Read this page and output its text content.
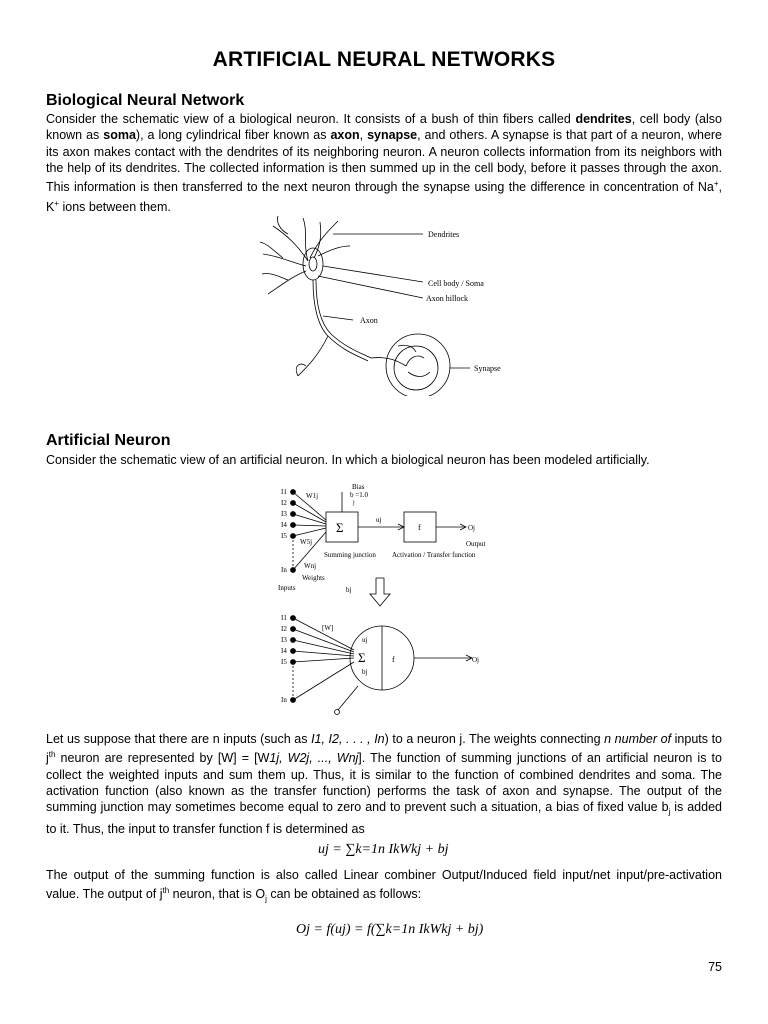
ARTIFICIAL NEURAL NETWORKS
Biological Neural Network

Consider the schematic view of a biological neuron. It consists of a bush of thin fibers called dendrites, cell body (also known as soma), a long cylindrical fiber known as axon, synapse, and others. A synapse is that part of a neuron, where its axon makes contact with the dendrites of its neighboring neuron. A neuron collects information from its neighbors with the help of its dendrites. The collected information is then summed up in the cell body, before it passes through the axon. This information is then transferred to the next neuron through the synapse using the difference in concentration of Na+, K+ ions between them.

Dendrites
Cell body / Soma
Axon hillock
Axon
Synapse
Artificial Neuron

Consider the schematic view of an artificial neuron. In which a biological neuron has been modeled artificially.

Bias
b =1.0
j
I1
I2
I3
I4
I5
In
W1j
W5j
Wnj
Σ	uj
f	Oj
Output
Summing junction Activation / Transfer function
Weights
Inputs	bj
I1
I2
I3
I4
I5
In
[W]
uj
Σ
bj
f	Oj

Let us suppose that there are n inputs (such as I1, I2, . . . , In) to a neuron j. The weights connecting n number of inputs to $j^{th}$ neuron are represented by [W] = [W1j, W2j, ..., Wnj]. The function of summing junctions of an artificial neuron is to collect the weighted inputs and sum them up. Thus, it is similar to the function of combined dendrites and soma. The activation function (also known as the transfer function) performs the task of axon and synapse. The output of the summing junction may sometimes become equal to zero and to prevent such a situation, a bias of fixed value $b_j$ is added to it. Thus, the input to transfer function f is determined as

uj = ∑k=1n IkWkj + bj

The output of the summing function is also called Linear combiner Output/Induced field input/net input/pre-activation value. The output of $j^{th}$ neuron, that is $O_j$ can be obtained as follows:

Oj = f(uj) = f(∑k=1n IkWkj + bj)
75
